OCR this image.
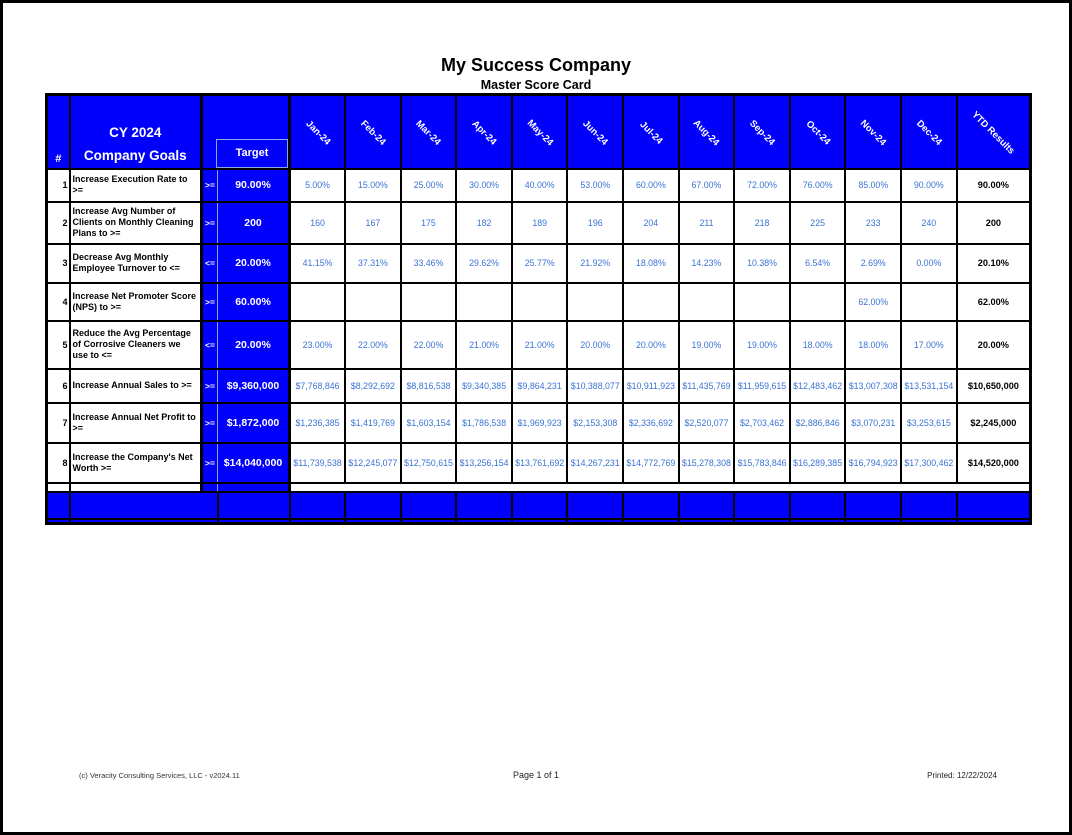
My Success Company
Master Score Card
#	CY 2024
Company Goals	Target		Jan-24	Feb-24	Mar-24	Apr-24	May-24	Jun-24	Jul-24	Aug-24	Sep-24	Oct-24	Nov-24	Dec-24	YTD Results

1	Increase Execution Rate to >=	>=	90.00%	5.00%	15.00%	25.00%	30.00%	40.00%	53.00%	60.00%	67.00%	72.00%	76.00%	85.00%	90.00%	90.00%
2	Increase Avg Number of Clients on Monthly Cleaning Plans to >=	>=	200	160	167	175	182	189	196	204	211	218	225	233	240	200
3	Decrease Avg Monthly Employee Turnover to <=	<=	20.00%	41.15%	37.31%	33.46%	29.62%	25.77%	21.92%	18.08%	14.23%	10.38%	6.54%	2.69%	0.00%	20.10%
4	Increase Net Promoter Score (NPS) to >=	>=	60.00%											62.00%		62.00%
5	Reduce the Avg Percentage of Corrosive Cleaners we use to <=	<=	20.00%	23.00%	22.00%	22.00%	21.00%	21.00%	20.00%	20.00%	19.00%	19.00%	18.00%	18.00%	17.00%	20.00%
6	Increase Annual Sales to >=	>=	$9,360,000	$7,768,846	$8,292,692	$8,816,538	$9,340,385	$9,864,231	$10,388,077	$10,911,923	$11,435,769	$11,959,615	$12,483,462	$13,007,308	$13,531,154	$10,650,000
7	Increase Annual Net Profit to >=	>=	$1,872,000	$1,236,385	$1,419,769	$1,603,154	$1,786,538	$1,969,923	$2,153,308	$2,336,692	$2,520,077	$2,703,462	$2,886,846	$3,070,231	$3,253,615	$2,245,000
8	Increase the Company's Net Worth >=	>=	$14,040,000	$11,739,538	$12,245,077	$12,750,615	$13,256,154	$13,761,692	$14,267,231	$14,772,769	$15,278,308	$15,783,846	$16,289,385	$16,794,923	$17,300,462	$14,520,000

(c) Veracity Consulting Services, LLC - v2024.11	Page 1 of 1	Printed: 12/22/2024
